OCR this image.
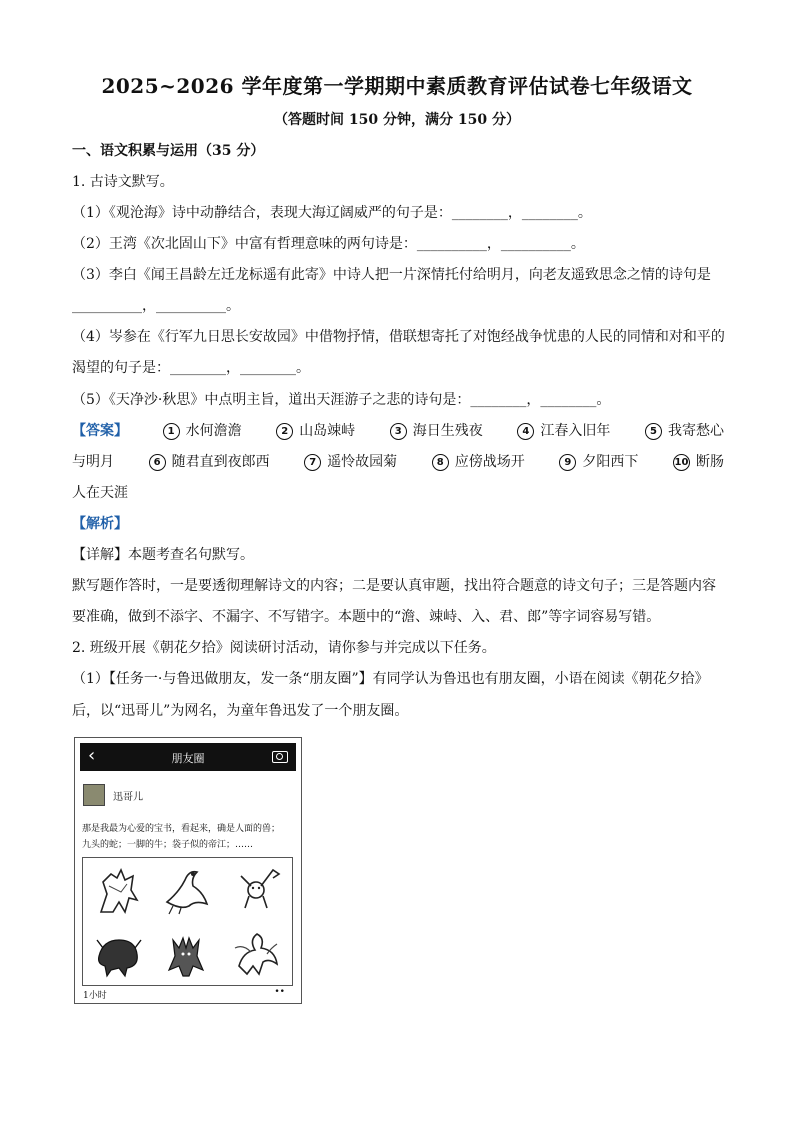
2025~2026 学年度第一学期期中素质教育评估试卷七年级语文
（答题时间 150 分钟，满分 150 分）
一、语文积累与运用（35 分）
1. 古诗文默写。
（1）《观沧海》诗中动静结合，表现大海辽阔威严的句子是：________，________。
（2）王湾《次北固山下》中富有哲理意味的两句诗是：__________，__________。
（3）李白《闻王昌龄左迁龙标遥有此寄》中诗人把一片深情托付给明月，向老友遥致思念之情的诗句是
__________，__________。
（4）岑参在《行军九日思长安故园》中借物抒情，借联想寄托了对饱经战争忧患的人民的同情和对和平的
渴望的句子是：________，________。
（5）《天净沙·秋思》中点明主旨，道出天涯游子之悲的诗句是：________，________。
【答案】	1 水何澹澹	2 山岛竦峙	3 海日生残夜	4 江春入旧年	5 我寄愁心
与明月	6 随君直到夜郎西	7 遥怜故园菊	8 应傍战场开	9 夕阳西下	10 断肠
人在天涯
【解析】
【详解】本题考查名句默写。
默写题作答时，一是要透彻理解诗文的内容；二是要认真审题，找出符合题意的诗文句子；三是答题内容
要准确，做到不添字、不漏字、不写错字。本题中的“澹、竦峙、入、君、郎”等字词容易写错。
2. 班级开展《朝花夕拾》阅读研讨活动，请你参与并完成以下任务。
（1）【任务一·与鲁迅做朋友，发一条“朋友圈”】有同学认为鲁迅也有朋友圈，小语在阅读《朝花夕拾》
后，以“迅哥儿”为网名，为童年鲁迅发了一个朋友圈。
‹	朋友圈
迅哥儿
那是我最为心爱的宝书，看起来，确是人面的兽；
九头的蛇；一脚的牛；袋子似的帝江；……
1小时	••
